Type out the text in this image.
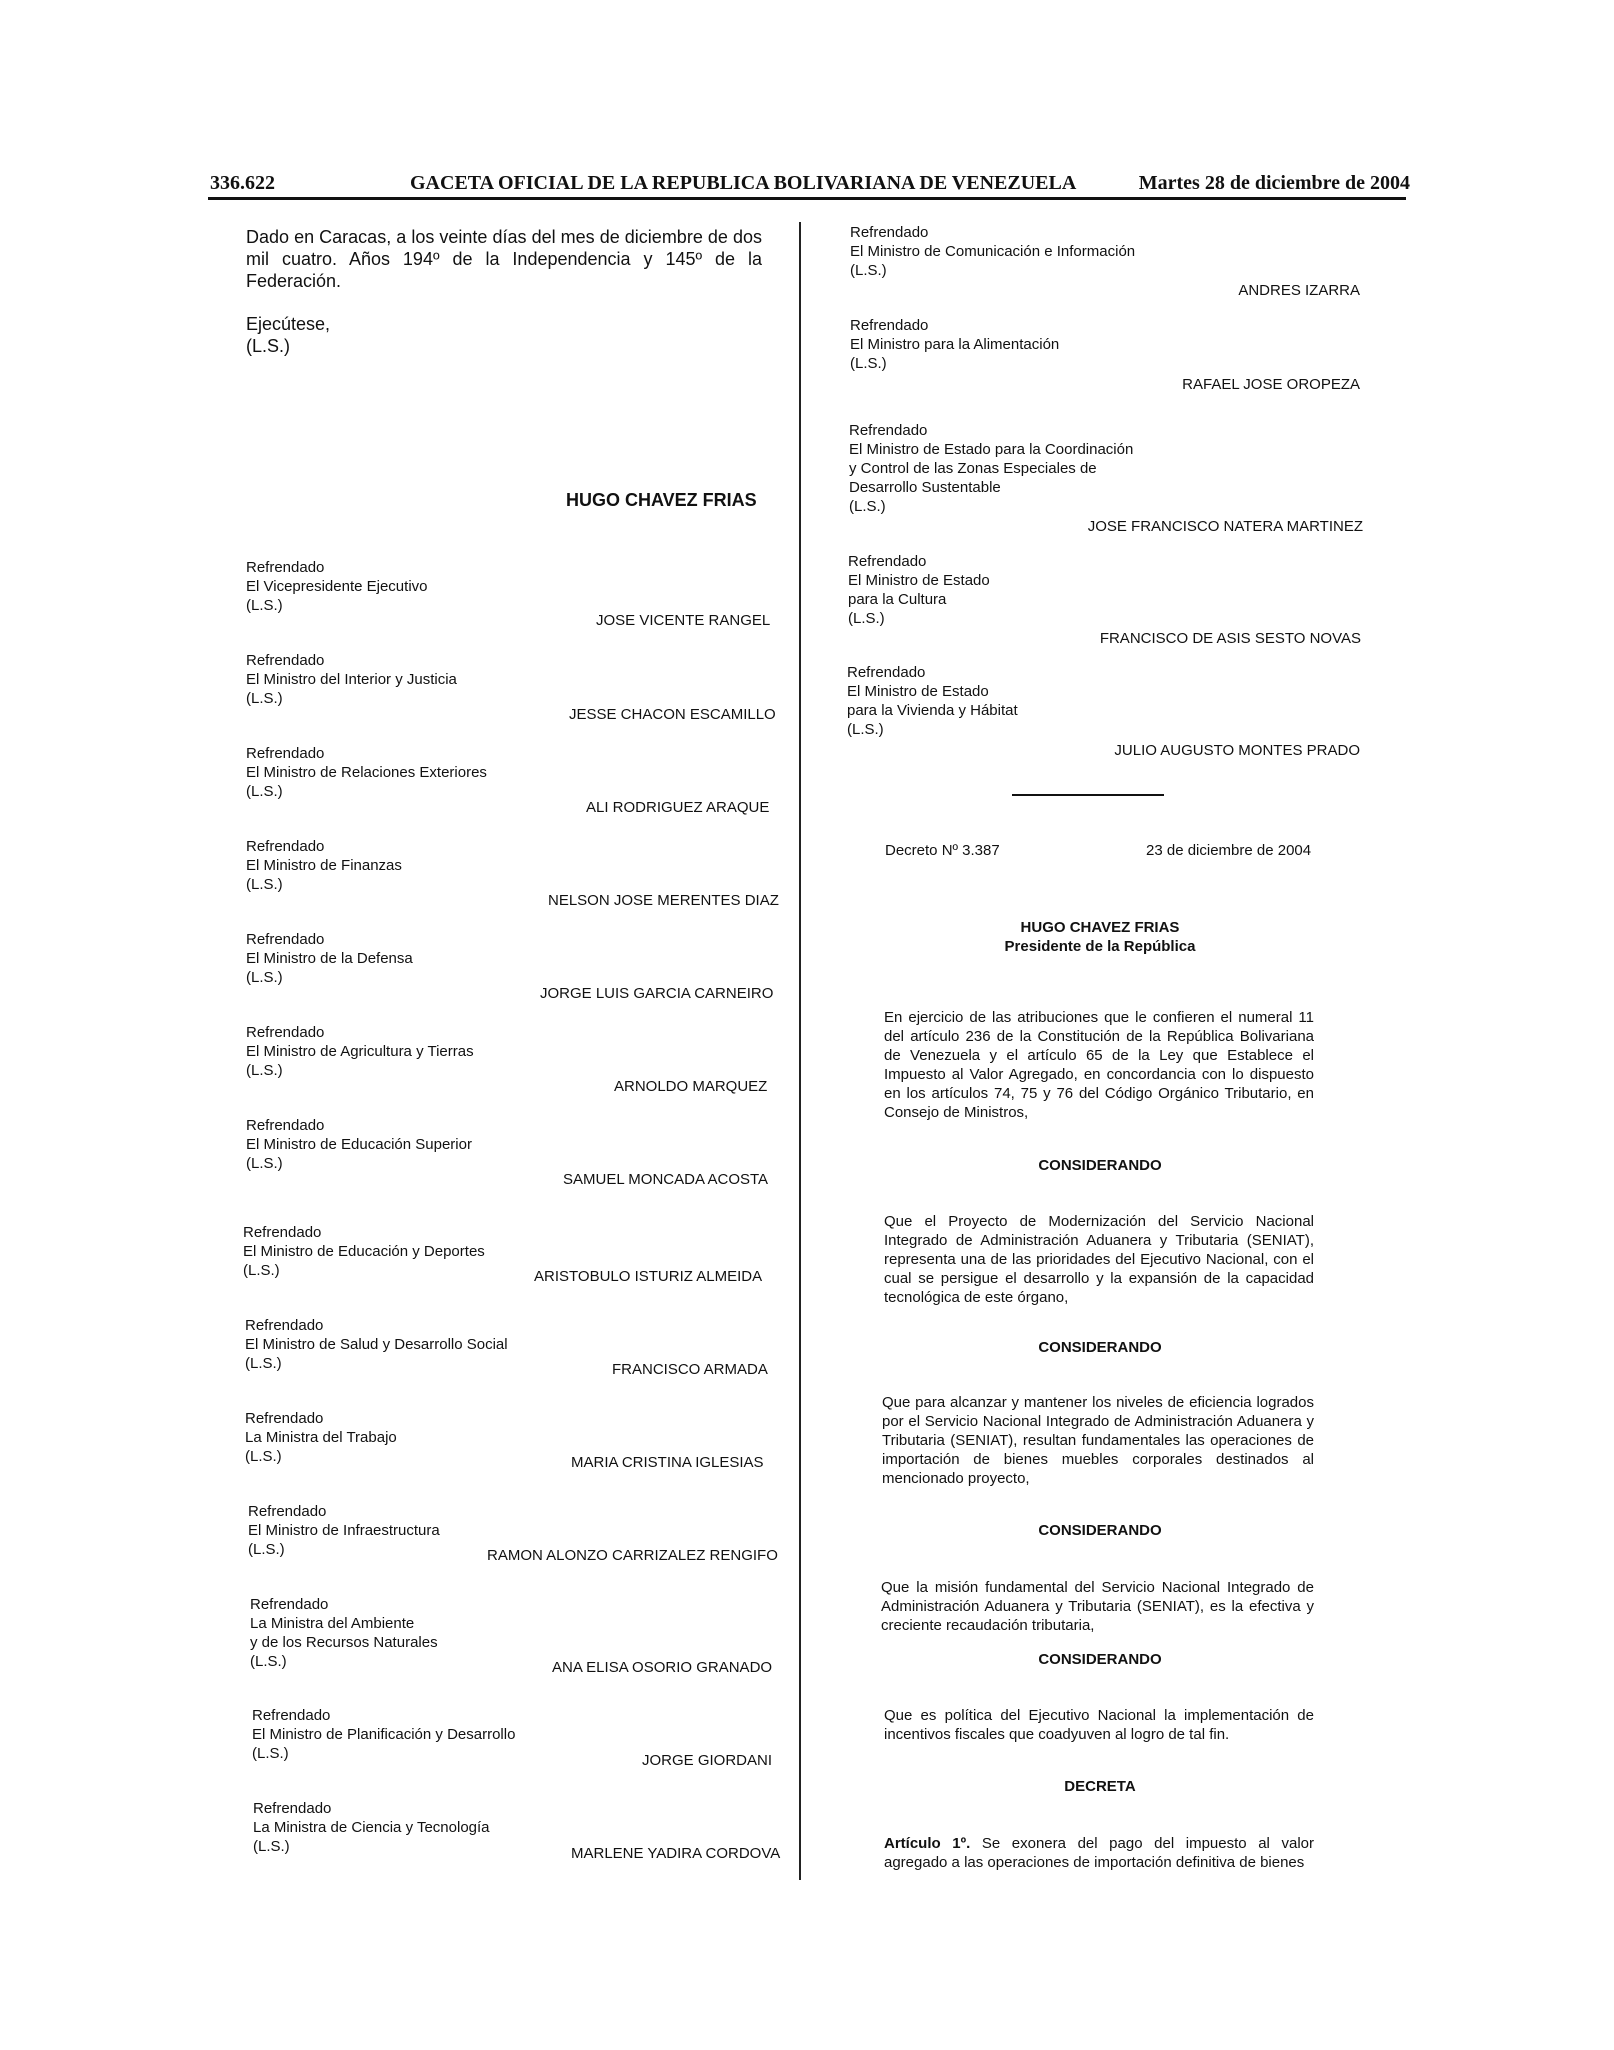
336.622	GACETA OFICIAL DE LA REPUBLICA BOLIVARIANA DE VENEZUELA	Martes 28 de diciembre de 2004

Dado en Caracas, a los veinte días del mes de diciembre de dos mil cuatro. Años 194º de la Independencia y 145º de la Federación.

Ejecútese,
(L.S.)
HUGO CHAVEZ FRIAS
Refrendado
El Vicepresidente Ejecutivo
(L.S.)
JOSE VICENTE RANGEL
Refrendado
El Ministro del Interior y Justicia
(L.S.)
JESSE CHACON ESCAMILLO
Refrendado
El Ministro de Relaciones Exteriores
(L.S.)
ALI RODRIGUEZ ARAQUE
Refrendado
El Ministro de Finanzas
(L.S.)
NELSON JOSE MERENTES DIAZ
Refrendado
El Ministro de la Defensa
(L.S.)
JORGE LUIS GARCIA CARNEIRO
Refrendado
El Ministro de Agricultura y Tierras
(L.S.)
ARNOLDO MARQUEZ
Refrendado
El Ministro de Educación Superior
(L.S.)
SAMUEL MONCADA ACOSTA
Refrendado
El Ministro de Educación y Deportes
(L.S.)	ARISTOBULO ISTURIZ ALMEIDA
Refrendado
El Ministro de Salud y Desarrollo Social
(L.S.)	FRANCISCO ARMADA
Refrendado
La Ministra del Trabajo
(L.S.)	MARIA CRISTINA IGLESIAS
Refrendado
El Ministro de Infraestructura
(L.S.)	RAMON ALONZO CARRIZALEZ RENGIFO
Refrendado
La Ministra del Ambiente
y de los Recursos Naturales
(L.S.)	ANA ELISA OSORIO GRANADO
Refrendado
El Ministro de Planificación y Desarrollo
(L.S.)	JORGE GIORDANI
Refrendado
La Ministra de Ciencia y Tecnología
(L.S.)	MARLENE YADIRA CORDOVA
Refrendado
El Ministro de Comunicación e Información
(L.S.)
ANDRES IZARRA
Refrendado
El Ministro para la Alimentación
(L.S.)
RAFAEL JOSE OROPEZA
Refrendado
El Ministro de Estado para la Coordinación
y Control de las Zonas Especiales de
Desarrollo Sustentable
(L.S.)
JOSE FRANCISCO NATERA MARTINEZ
Refrendado
El Ministro de Estado
para la Cultura
(L.S.)
FRANCISCO DE ASIS SESTO NOVAS
Refrendado
El Ministro de Estado
para la Vivienda y Hábitat
(L.S.)
JULIO AUGUSTO MONTES PRADO
Decreto Nº 3.387	23 de diciembre de 2004
HUGO CHAVEZ FRIAS
Presidente de la República

En ejercicio de las atribuciones que le confieren el numeral 11 del artículo 236 de la Constitución de la República Bolivariana de Venezuela y el artículo 65 de la Ley que Establece el Impuesto al Valor Agregado, en concordancia con lo dispuesto en los artículos 74, 75 y 76 del Código Orgánico Tributario, en Consejo de Ministros,

CONSIDERANDO

Que el Proyecto de Modernización del Servicio Nacional Integrado de Administración Aduanera y Tributaria (SENIAT), representa una de las prioridades del Ejecutivo Nacional, con el cual se persigue el desarrollo y la expansión de la capacidad tecnológica de este órgano,

CONSIDERANDO

Que para alcanzar y mantener los niveles de eficiencia logrados por el Servicio Nacional Integrado de Administración Aduanera y Tributaria (SENIAT), resultan fundamentales las operaciones de importación de bienes muebles corporales destinados al mencionado proyecto,

CONSIDERANDO

Que la misión fundamental del Servicio Nacional Integrado de Administración Aduanera y Tributaria (SENIAT), es la efectiva y creciente recaudación tributaria,

CONSIDERANDO

Que es política del Ejecutivo Nacional la implementación de incentivos fiscales que coadyuven al logro de tal fin.

DECRETA

Artículo 1º. Se exonera del pago del impuesto al valor agregado a las operaciones de importación definitiva de bienes
